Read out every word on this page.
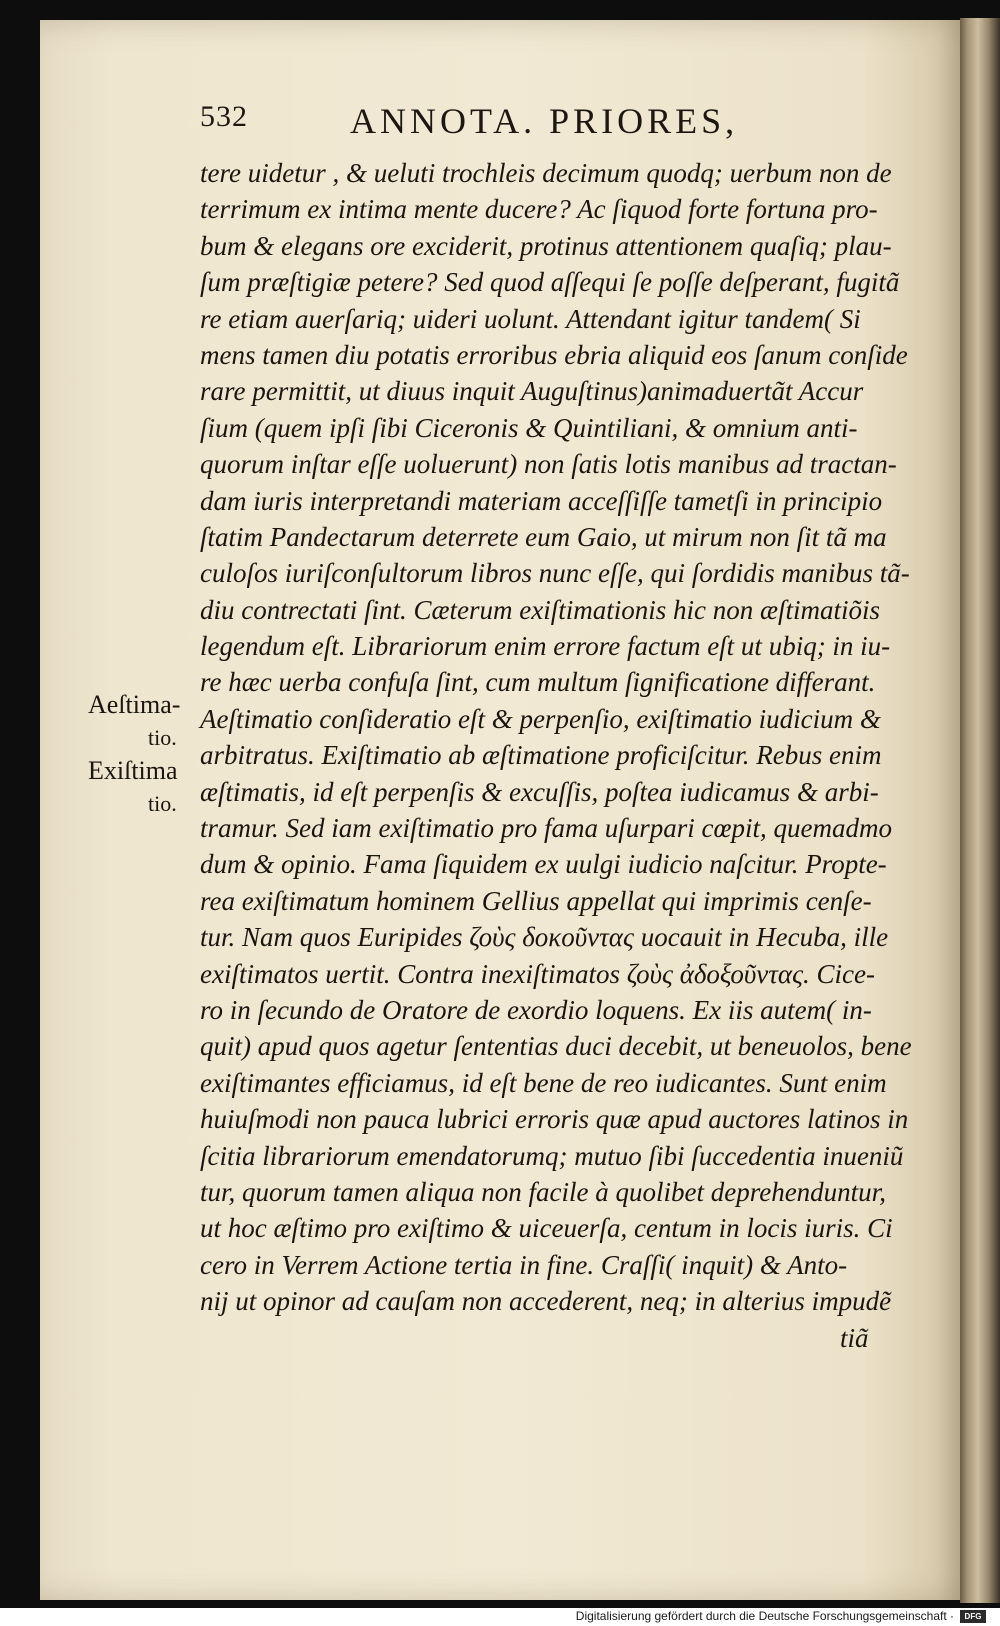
532	ANNOTA. PRIORES,
tere uidetur , & ueluti trochleis decimum quodq; uerbum non de
terrimum ex intima mente ducere? Ac ſiquod forte fortuna pro-
bum & elegans ore exciderit, protinus attentionem quaſiq; plau-
ſum præſtigiæ petere? Sed quod aſſequi ſe poſſe deſperant, fugitã
re etiam auerſariq; uideri uolunt. Attendant igitur tandem( Si
mens tamen diu potatis erroribus ebria aliquid eos ſanum conſide
rare permittit, ut diuus inquit Auguſtinus)animaduertãt Accur
ſium (quem ipſi ſibi Ciceronis & Quintiliani, & omnium anti-
quorum inſtar eſſe uoluerunt) non ſatis lotis manibus ad tractan-
dam iuris interpretandi materiam acceſſiſſe tametſi in principio
ſtatim Pandectarum deterrete eum Gaio, ut mirum non ſit tã ma
culoſos iuriſconſultorum libros nunc eſſe, qui ſordidis manibus tã-
diu contrectati ſint. Cæterum exiſtimationis hic non æſtimatiõis
legendum eſt. Librariorum enim errore factum eſt ut ubiq; in iu-
re hæc uerba confuſa ſint, cum multum ſignificatione differant.
Aeſtimatio conſideratio eſt & perpenſio, exiſtimatio iudicium &
arbitratus. Exiſtimatio ab æſtimatione proficiſcitur. Rebus enim
æſtimatis, id eſt perpenſis & excuſſis, poſtea iudicamus & arbi-
tramur. Sed iam exiſtimatio pro fama uſurpari cœpit, quemadmo
dum & opinio. Fama ſiquidem ex uulgi iudicio naſcitur. Propte-
rea exiſtimatum hominem Gellius appellat qui imprimis cenſe-
tur. Nam quos Euripides ζοὺς δοκοῦντας uocauit in Hecuba, ille
exiſtimatos uertit. Contra inexiſtimatos ζοὺς ἀδοξοῦντας. Cice-
ro in ſecundo de Oratore de exordio loquens. Ex iis autem( in-
quit) apud quos agetur ſententias duci decebit, ut beneuolos, bene
exiſtimantes efficiamus, id eſt bene de reo iudicantes. Sunt enim
huiuſmodi non pauca lubrici erroris quæ apud auctores latinos in
ſcitia librariorum emendatorumq; mutuo ſibi ſuccedentia inueniũ
tur, quorum tamen aliqua non facile à quolibet deprehenduntur,
ut hoc æſtimo pro exiſtimo & uiceuerſa, centum in locis iuris. Ci
cero in Verrem Actione tertia in fine. Craſſi( inquit) & Anto-
nij ut opinor ad cauſam non accederent, neq; in alterius impudẽ
tiã
Aeſtima-
tio.
Exiſtima
tio.
Digitalisierung gefördert durch die Deutsche Forschungsgemeinschaft ·	DFG
